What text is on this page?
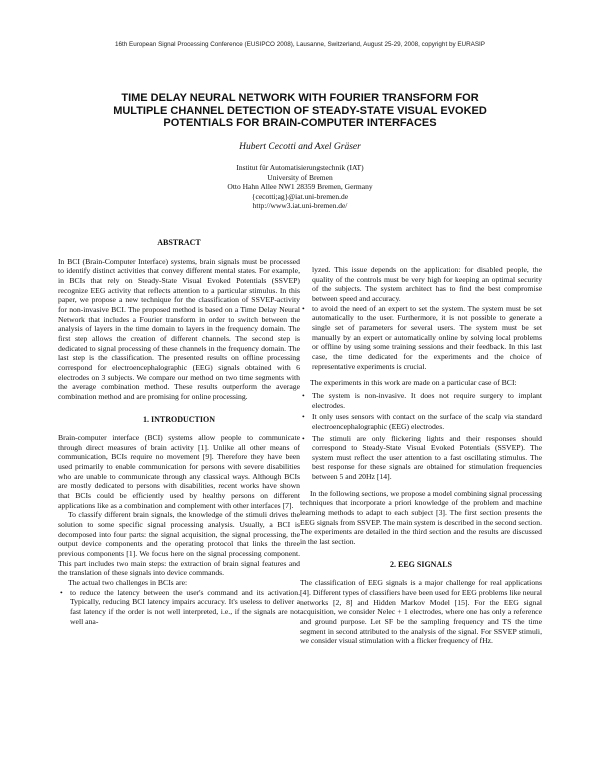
16th European Signal Processing Conference (EUSIPCO 2008), Lausanne, Switzerland, August 25-29, 2008, copyright by EURASIP
TIME DELAY NEURAL NETWORK WITH FOURIER TRANSFORM FOR
MULTIPLE CHANNEL DETECTION OF STEADY-STATE VISUAL EVOKED
POTENTIALS FOR BRAIN-COMPUTER INTERFACES
Hubert Cecotti and Axel Gräser
Institut für Automatisierungstechnik (IAT)
University of Bremen
Otto Hahn Allee NW1 28359 Bremen, Germany
{cecotti;ag}@iat.uni-bremen.de
http://www3.iat.uni-bremen.de/
ABSTRACT

In BCI (Brain-Computer Interface) systems, brain signals must be processed to identify distinct activities that convey different mental states. For example, in BCIs that rely on Steady-State Visual Evoked Potentials (SSVEP) recognize EEG activity that reflects attention to a particular stimulus. In this paper, we propose a new technique for the classification of SSVEP-activity for non-invasive BCI. The proposed method is based on a Time Delay Neural Network that includes a Fourier transform in order to switch between the analysis of layers in the time domain to layers in the frequency domain. The first step allows the creation of different channels. The second step is dedicated to signal processing of these channels in the frequency domain. The last step is the classification. The presented results on offline processing correspond for electroencephalographic (EEG) signals obtained with 6 electrodes on 3 subjects. We compare our method on two time segments with the average combination method. These results outperform the average combination method and are promising for online processing.

1. INTRODUCTION

Brain-computer interface (BCI) systems allow people to communicate through direct measures of brain activity [1]. Unlike all other means of communication, BCIs require no movement [9]. Therefore they have been used primarily to enable communication for persons with severe disabilities who are unable to communicate through any classical ways. Although BCIs are mostly dedicated to persons with disabilities, recent works have shown that BCIs could be efficiently used by healthy persons on different applications like as a combination and complement with other interfaces [7].

To classify different brain signals, the knowledge of the stimuli drives the solution to some specific signal processing analysis. Usually, a BCI is decomposed into four parts: the signal acquisition, the signal processing, the output device components and the operating protocol that links the three previous components [1]. We focus here on the signal processing component. This part includes two main steps: the extraction of brain signal features and the translation of these signals into device commands.

The actual two challenges in BCIs are:

• to reduce the latency between the user's command and its activation. Typically, reducing BCI latency impairs accuracy. It's useless to deliver a fast latency if the order is not well interpreted, i.e., if the signals are not well ana-

lyzed. This issue depends on the application: for disabled people, the quality of the controls must be very high for keeping an optimal security of the subjects. The system architect has to find the best compromise between speed and accuracy.

• to avoid the need of an expert to set the system. The system must be set automatically to the user. Furthermore, it is not possible to generate a single set of parameters for several users. The system must be set manually by an expert or automatically online by solving local problems or offline by using some training sessions and their feedback. In this last case, the time dedicated for the experiments and the choice of representative experiments is crucial.

The experiments in this work are made on a particular case of BCI:

• The system is non-invasive. It does not require surgery to implant electrodes.
• It only uses sensors with contact on the surface of the scalp via standard electroencephalographic (EEG) electrodes.
• The stimuli are only flickering lights and their responses should correspond to Steady-State Visual Evoked Potentials (SSVEP). The system must reflect the user attention to a fast oscillating stimulus. The best response for these signals are obtained for stimulation frequencies between 5 and 20Hz [14].

In the following sections, we propose a model combining signal processing techniques that incorporate a priori knowledge of the problem and machine learning methods to adapt to each subject [3]. The first section presents the EEG signals from SSVEP. The main system is described in the second section. The experiments are detailed in the third section and the results are discussed in the last section.

2. EEG SIGNALS

The classification of EEG signals is a major challenge for real applications [4]. Different types of classifiers have been used for EEG problems like neural networks [2, 8] and Hidden Markov Model [15]. For the EEG signal acquisition, we consider Nelec + 1 electrodes, where one has only a reference and ground purpose. Let SF be the sampling frequency and TS the time segment in second attributed to the analysis of the signal. For SSVEP stimuli, we consider visual stimulation with a flicker frequency of fHz.
